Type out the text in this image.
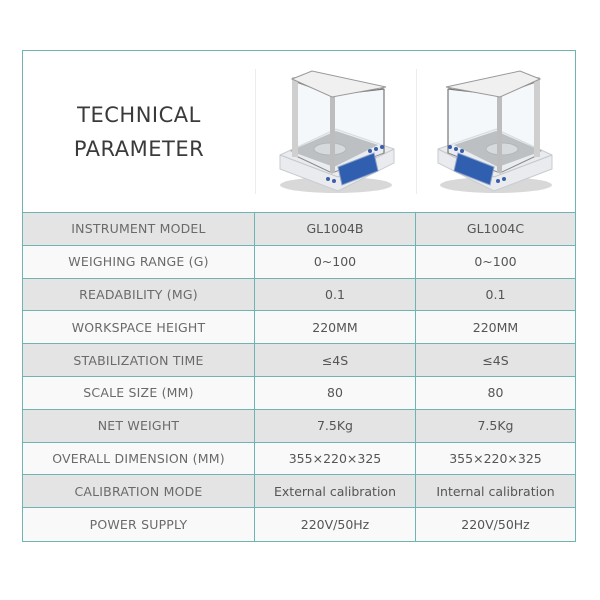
TECHNICAL
PARAMETER
INSTRUMENT MODEL	GL1004B	GL1004C
WEIGHING RANGE (G)	0~100	0~100
READABILITY (MG)	0.1	0.1
WORKSPACE HEIGHT	220MM	220MM
STABILIZATION TIME	≤4S	≤4S
SCALE SIZE (MM)	80	80
NET WEIGHT	7.5Kg	7.5Kg
OVERALL DIMENSION (MM)	355×220×325	355×220×325
CALIBRATION MODE	External calibration	Internal calibration
POWER SUPPLY	220V/50Hz	220V/50Hz
